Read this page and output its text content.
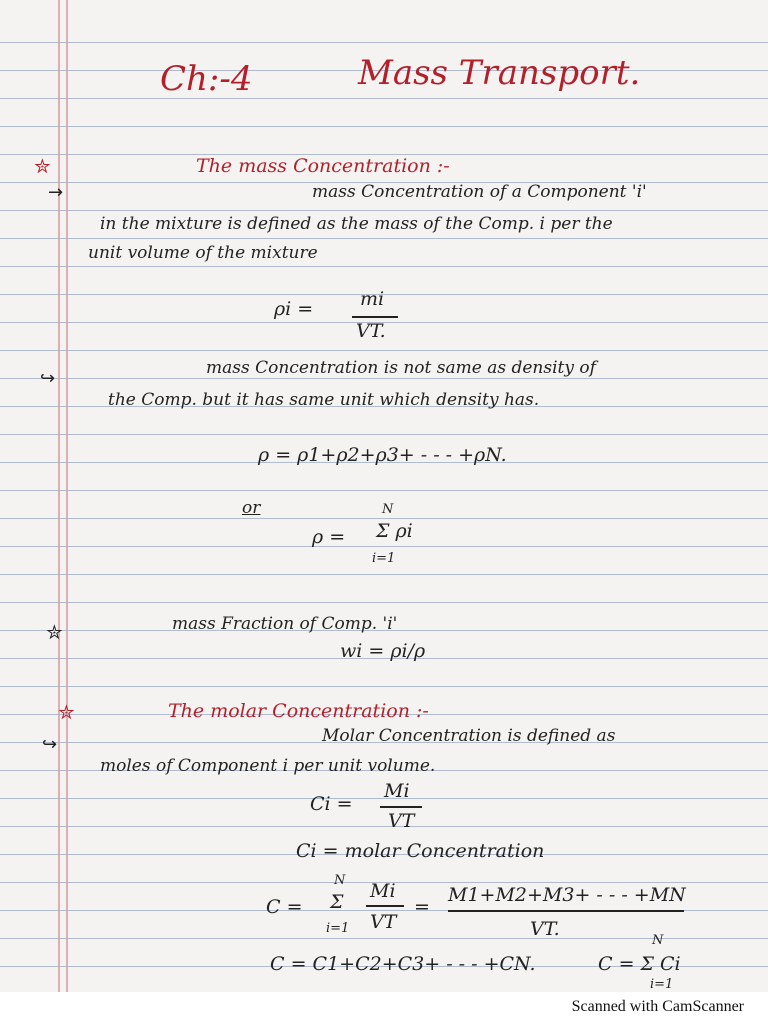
Ch:-4	Mass Transport.
✮	The mass Concentration :-
→	mass Concentration of a Component 'i'
in the mixture is defined as the mass of the Comp. i per the
unit volume of the mixture
ρi = mi
VT.
↪	mass Concentration is not same as density of
the Comp. but it has same unit which density has.
ρ = ρ1+ρ2+ρ3+ - - - +ρN.
or	N
ρ = Σ ρi
i=1
✮	mass Fraction of Comp. 'i'
wi = ρi/ρ
✮	The molar Concentration :-
↪	Molar Concentration is defined as
moles of Component i per unit volume.
Ci =
Mi
VT
Ci = molar Concentration
N
C = Σ
i=1
Mi
VT
=
M1+M2+M3+ - - - +MN
VT.
N
C = C1+C2+C3+ - - - +CN.	C = Σ Ci
i=1
Scanned with CamScanner
